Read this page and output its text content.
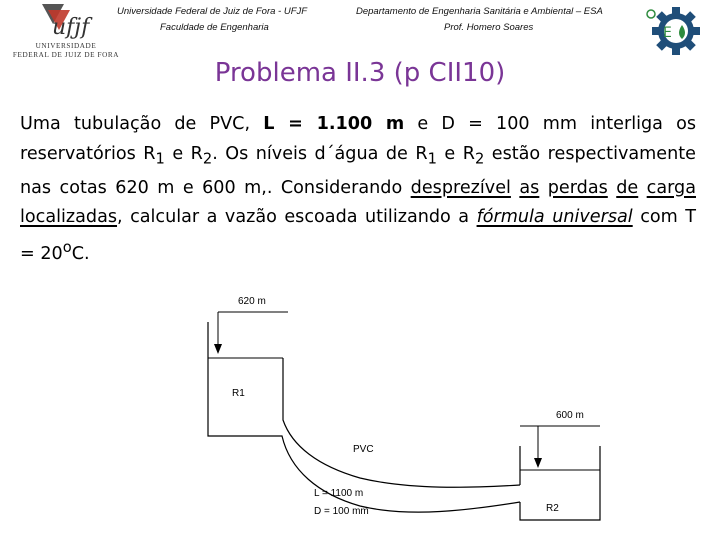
ufjf
UNIVERSIDADE
FEDERAL DE JUIZ DE FORA
Universidade Federal de Juiz de Fora - UFJF
Faculdade de Engenharia
Departamento de Engenharia Sanitária e Ambiental – ESA
Prof. Homero Soares	E
Problema II.3 (p CII10)
Uma tubulação de PVC, L = 1.100 m e D = 100 mm interliga os reservatórios $R_1$ e $R_2$. Os níveis d´água de $R_1$ e $R_2$ estão respectivamente nas cotas 620 m e 600 m,. Considerando desprezível as perdas de carga localizadas, calcular a vazão escoada utilizando a fórmula universal com $T = 20^oC$.
620 m
R1
PVC
L = 1100 m
D = 100 mm
600 m
R2
